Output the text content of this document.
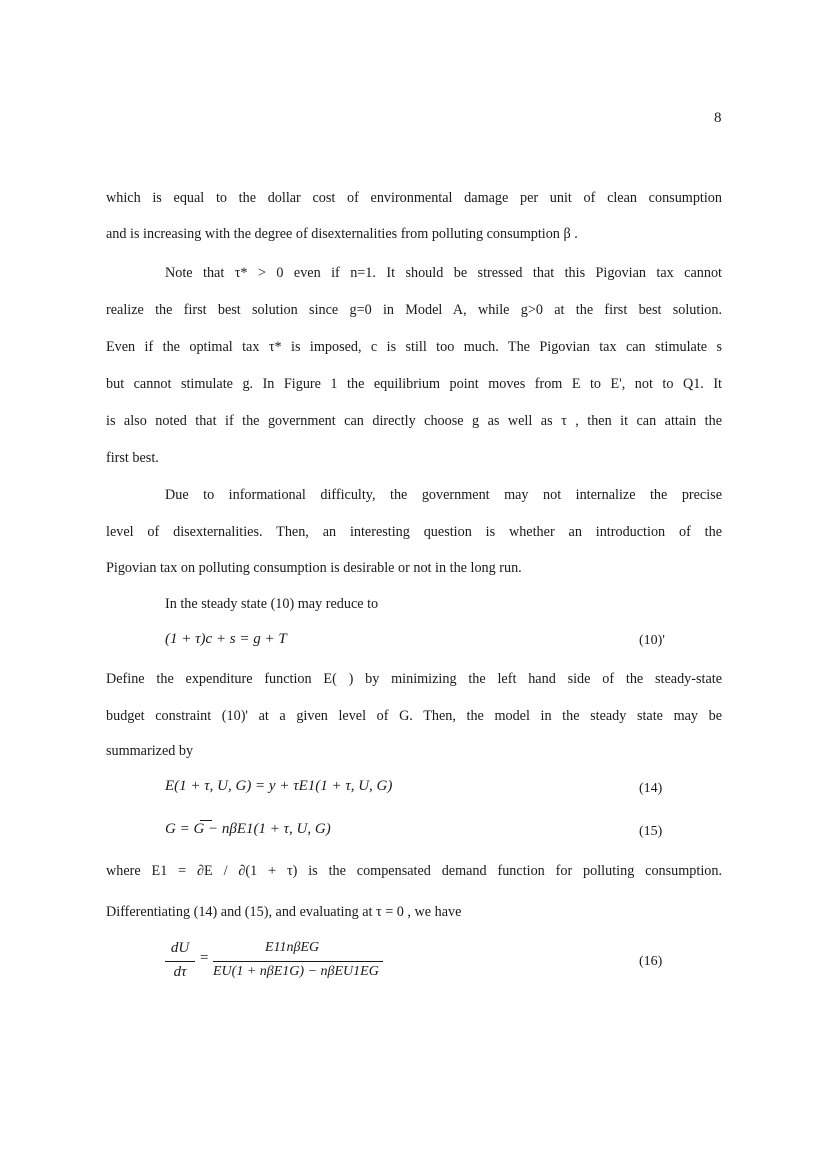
8
which is equal to the dollar cost of environmental damage per unit of clean consumption
and is increasing with the degree of disexternalities from polluting consumption β .
Note that τ* > 0 even if n=1. It should be stressed that this Pigovian tax cannot
realize the first best solution since g=0 in Model A, while g>0 at the first best solution.
Even if the optimal tax τ* is imposed, c is still too much. The Pigovian tax can stimulate s
but cannot stimulate g. In Figure 1 the equilibrium point moves from E to E', not to Q1. It
is also noted that if the government can directly choose g as well as τ , then it can attain the
first best.
Due to informational difficulty, the government may not internalize the precise
level of disexternalities. Then, an interesting question is whether an introduction of the
Pigovian tax on polluting consumption is desirable or not in the long run.
In the steady state (10) may reduce to
(1 + τ)c + s = g + T	(10)'
Define the expenditure function E( ) by minimizing the left hand side of the steady-state
budget constraint (10)' at a given level of G. Then, the model in the steady state may be
summarized by
E(1 + τ, U, G) = y + τE1(1 + τ, U, G)	(14)
G = G − nβE1(1 + τ, U, G)	(15)
where E1 = ∂E / ∂(1 + τ) is the compensated demand function for polluting consumption.
Differentiating (14) and (15), and evaluating at τ = 0 , we have
dU
dτ
=
E11nβEG
EU(1 + nβE1G) − nβEU1EG
(16)
